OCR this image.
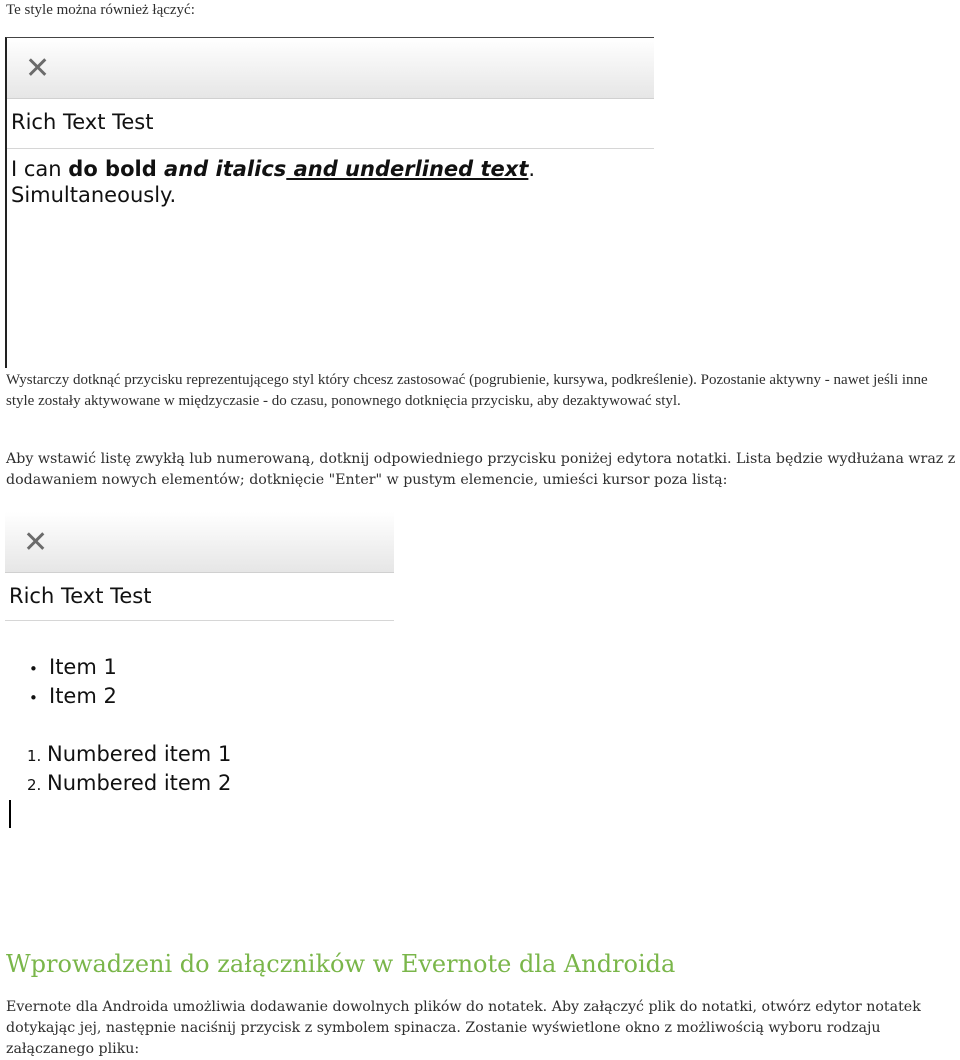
Te style można również łączyć:

✕
Rich Text Test
I can do bold and italics and underlined text.
Simultaneously.

Wystarczy dotknąć przycisku reprezentującego styl który chcesz zastosować (pogrubienie, kursywa, podkreślenie). Pozostanie aktywny - nawet jeśli inne style zostały aktywowane w międzyczasie - do czasu, ponownego dotknięcia przycisku, aby dezaktywować styl.

Aby wstawić listę zwykłą lub numerowaną, dotknij odpowiedniego przycisku poniżej edytora notatki. Lista będzie wydłużana wraz z dodawaniem nowych elementów; dotknięcie "Enter" w pustym elemencie, umieści kursor poza listą:

✕
Rich Text Test
• Item 1
• Item 2
1. Numbered item 1
2. Numbered item 2
Wprowadzeni do załączników w Evernote dla Androida

Evernote dla Androida umożliwia dodawanie dowolnych plików do notatek. Aby załączyć plik do notatki, otwórz edytor notatek dotykając jej, następnie naciśnij przycisk z symbolem spinacza. Zostanie wyświetlone okno z możliwością wyboru rodzaju załączanego pliku:
